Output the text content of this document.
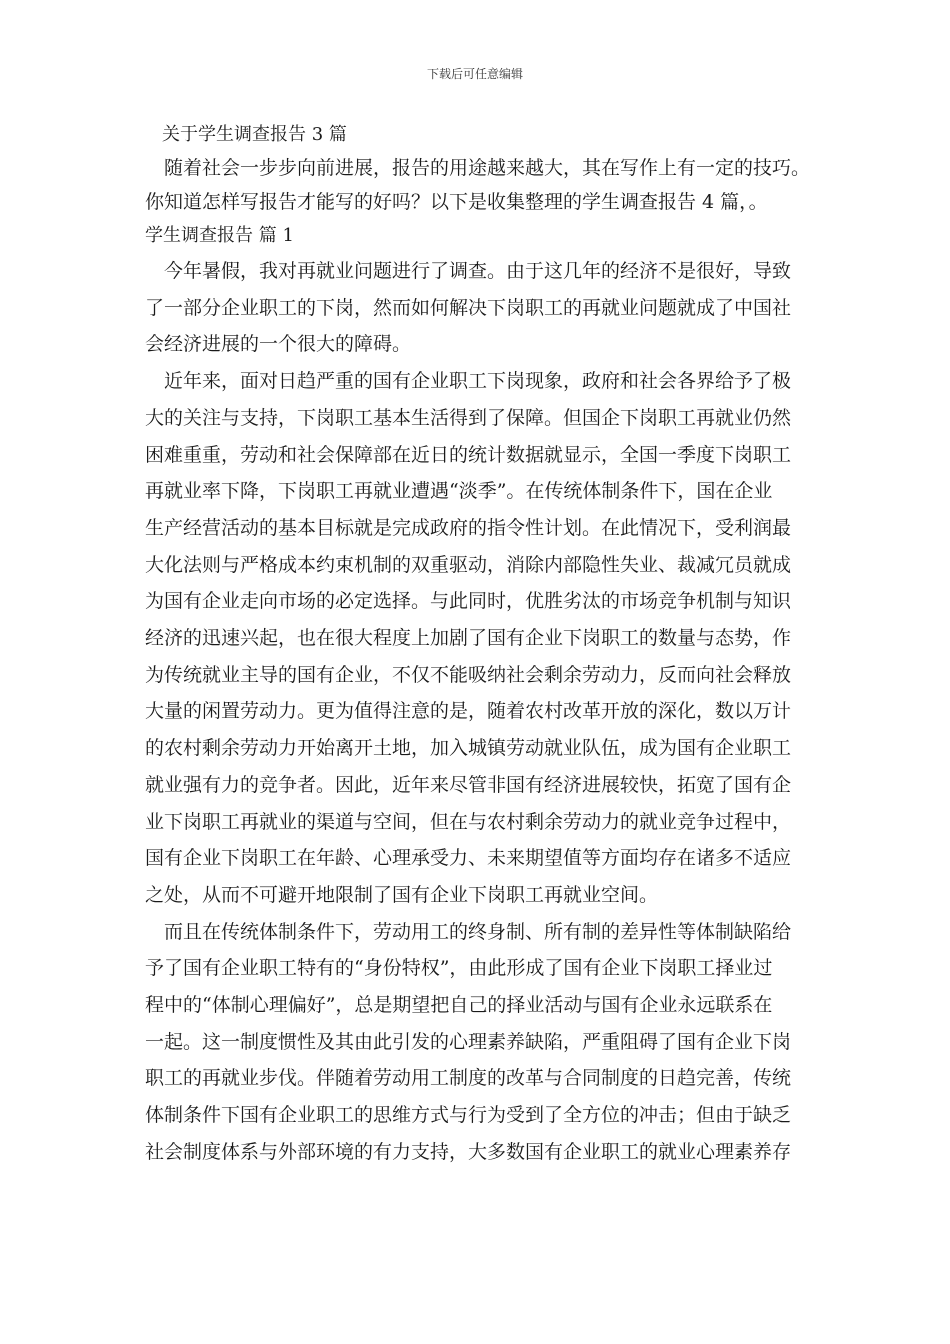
下载后可任意编辑
关于学生调查报告 3 篇

随着社会一步步向前进展，报告的用途越来越大，其在写作上有一定的技巧。
你知道怎样写报告才能写的好吗？以下是收集整理的学生调查报告 4 篇，。

学生调查报告 篇 1

今年暑假，我对再就业问题进行了调查。由于这几年的经济不是很好，导致
了一部分企业职工的下岗，然而如何解决下岗职工的再就业问题就成了中国社
会经济进展的一个很大的障碍。

近年来，面对日趋严重的国有企业职工下岗现象，政府和社会各界给予了极
大的关注与支持，下岗职工基本生活得到了保障。但国企下岗职工再就业仍然
困难重重，劳动和社会保障部在近日的统计数据就显示，全国一季度下岗职工
再就业率下降，下岗职工再就业遭遇“淡季”。在传统体制条件下，国在企业
生产经营活动的基本目标就是完成政府的指令性计划。在此情况下，受利润最
大化法则与严格成本约束机制的双重驱动，消除内部隐性失业、裁减冗员就成
为国有企业走向市场的必定选择。与此同时，优胜劣汰的市场竞争机制与知识
经济的迅速兴起，也在很大程度上加剧了国有企业下岗职工的数量与态势，作
为传统就业主导的国有企业，不仅不能吸纳社会剩余劳动力，反而向社会释放
大量的闲置劳动力。更为值得注意的是，随着农村改革开放的深化，数以万计
的农村剩余劳动力开始离开土地，加入城镇劳动就业队伍，成为国有企业职工
就业强有力的竞争者。因此，近年来尽管非国有经济进展较快，拓宽了国有企
业下岗职工再就业的渠道与空间，但在与农村剩余劳动力的就业竞争过程中，
国有企业下岗职工在年龄、心理承受力、未来期望值等方面均存在诸多不适应
之处，从而不可避开地限制了国有企业下岗职工再就业空间。

而且在传统体制条件下，劳动用工的终身制、所有制的差异性等体制缺陷给
予了国有企业职工特有的“身份特权”，由此形成了国有企业下岗职工择业过
程中的“体制心理偏好”，总是期望把自己的择业活动与国有企业永远联系在
一起。这一制度惯性及其由此引发的心理素养缺陷，严重阻碍了国有企业下岗
职工的再就业步伐。伴随着劳动用工制度的改革与合同制度的日趋完善，传统
体制条件下国有企业职工的思维方式与行为受到了全方位的冲击；但由于缺乏
社会制度体系与外部环境的有力支持，大多数国有企业职工的就业心理素养存
